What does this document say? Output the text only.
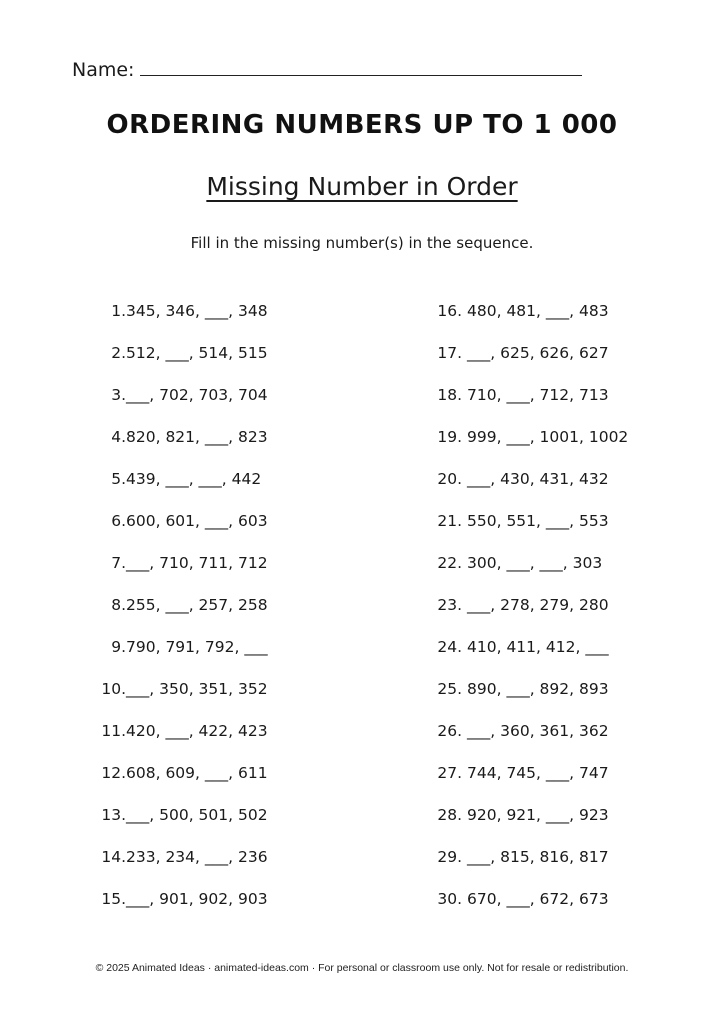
Name:
ORDERING NUMBERS UP TO 1 000
Missing Number in Order
Fill in the missing number(s) in the sequence.
1.345, 346, ___, 348
2.512, ___, 514, 515
3.___, 702, 703, 704
4.820, 821, ___, 823
5.439, ___, ___, 442
6.600, 601, ___, 603
7.___, 710, 711, 712
8.255, ___, 257, 258
9.790, 791, 792, ___
10.___, 350, 351, 352
11.420, ___, 422, 423
12.608, 609, ___, 611
13.___, 500, 501, 502
14.233, 234, ___, 236
15.___, 901, 902, 903
16. 480, 481, ___, 483
17. ___, 625, 626, 627
18. 710, ___, 712, 713
19. 999, ___, 1001, 1002
20. ___, 430, 431, 432
21. 550, 551, ___, 553
22. 300, ___, ___, 303
23. ___, 278, 279, 280
24. 410, 411, 412, ___
25. 890, ___, 892, 893
26. ___, 360, 361, 362
27. 744, 745, ___, 747
28. 920, 921, ___, 923
29. ___, 815, 816, 817
30. 670, ___, 672, 673
© 2025 Animated Ideas · animated-ideas.com · For personal or classroom use only. Not for resale or redistribution.
